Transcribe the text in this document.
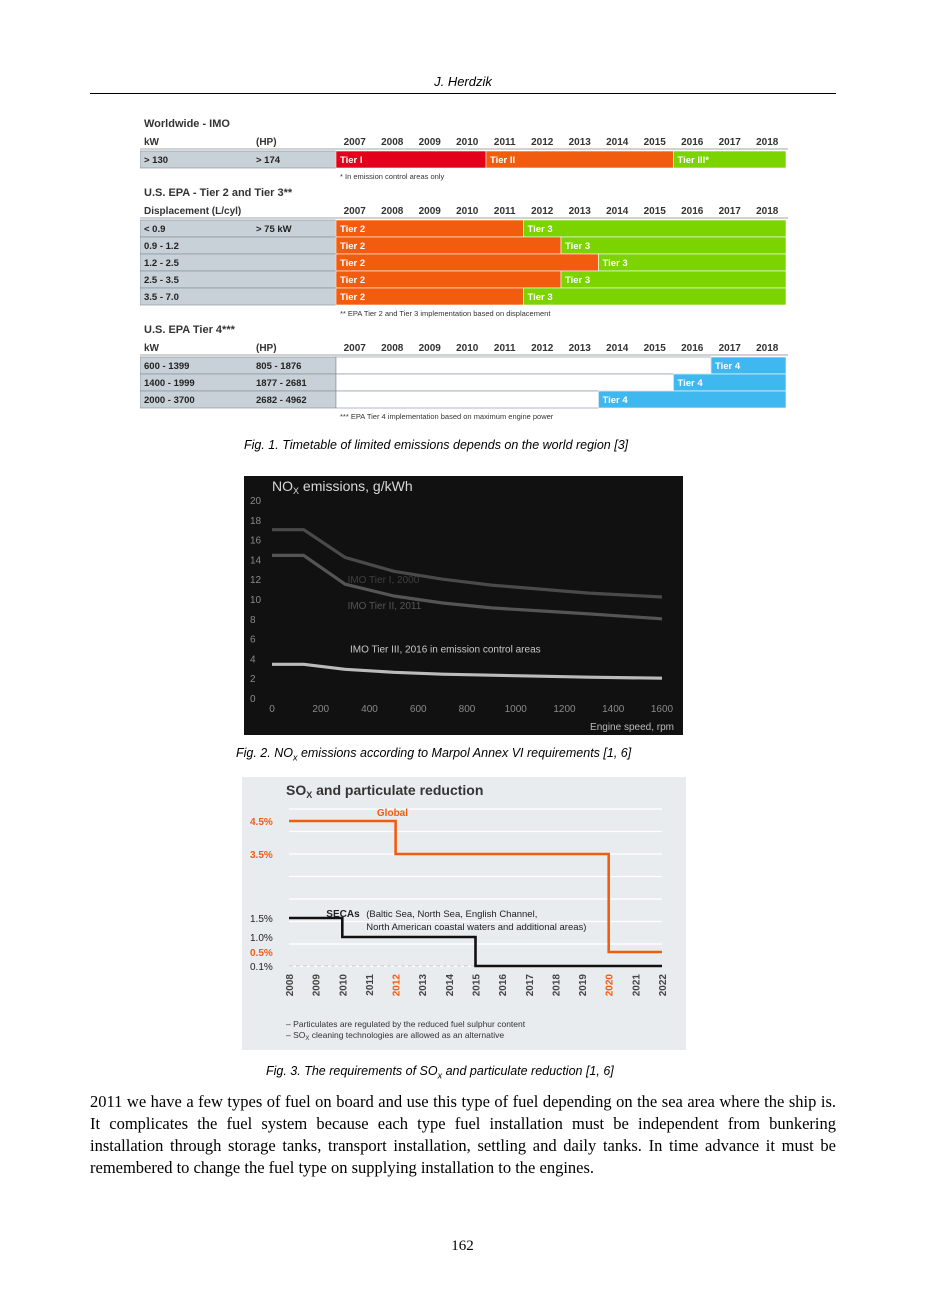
J. Herdzik
Worldwide - IMO
kW	(HP)	2007 2008 2009 2010 2011 2012 2013 2014 2015 2016 2017 2018
> 130	> 174	Tier I	Tier II	Tier III*
* In emission control areas only
U.S. EPA - Tier 2 and Tier 3**
Displacement (L/cyl)	2007 2008 2009 2010 2011 2012 2013 2014 2015 2016 2017 2018
< 0.9	> 75 kW	Tier 2	Tier 3
0.9 - 1.2	Tier 2	Tier 3
1.2 - 2.5	Tier 2	Tier 3
2.5 - 3.5	Tier 2	Tier 3
3.5 - 7.0	Tier 2	Tier 3
** EPA Tier 2 and Tier 3 implementation based on displacement
U.S. EPA Tier 4***
kW	(HP)	2007 2008 2009 2010 2011 2012 2013 2014 2015 2016 2017 2018
600 - 1399	805 - 1876	Tier 4
1400 - 1999	1877 - 2681	Tier 4
2000 - 3700	2682 - 4962	Tier 4
*** EPA Tier 4 implementation based on maximum engine power
Fig. 1. Timetable of limited emissions depends on the world region [3]
$NO_X$ emissions, g/kWh
0
2
4
6
8
10
12
14
16
18
20
0	200	400	600	800	1000	1200	1400	1600
Engine speed, rpm
IMO Tier I, 2000
IMO Tier II, 2011
IMO Tier III, 2016 in emission control areas
Fig. 2. $NO_x$ emissions according to Marpol Annex VI requirements [1, 6]
$SO_X$ and particulate reduction
4.5%
3.5%
1.5%
1.0%
0.5%
0.1%
Global
SECAs (Baltic Sea, North Sea, English Channel,
North American coastal waters and additional areas)
2008 2009 2010 2011 2012 2013 2014 2015 2016 2017 2018 2019 2020 2021 2022
– Particulates are regulated by the reduced fuel sulphur content
– $SO_X$ cleaning technologies are allowed as an alternative
Fig. 3. The requirements of $SO_x$ and particulate reduction [1, 6]
2011 we have a few types of fuel on board and use this type of fuel depending on the sea area where the ship is. It complicates the fuel system because each type fuel installation must be independent from bunkering installation through storage tanks, transport installation, settling and daily tanks. In time advance it must be remembered to change the fuel type on supplying installation to the engines.
162
